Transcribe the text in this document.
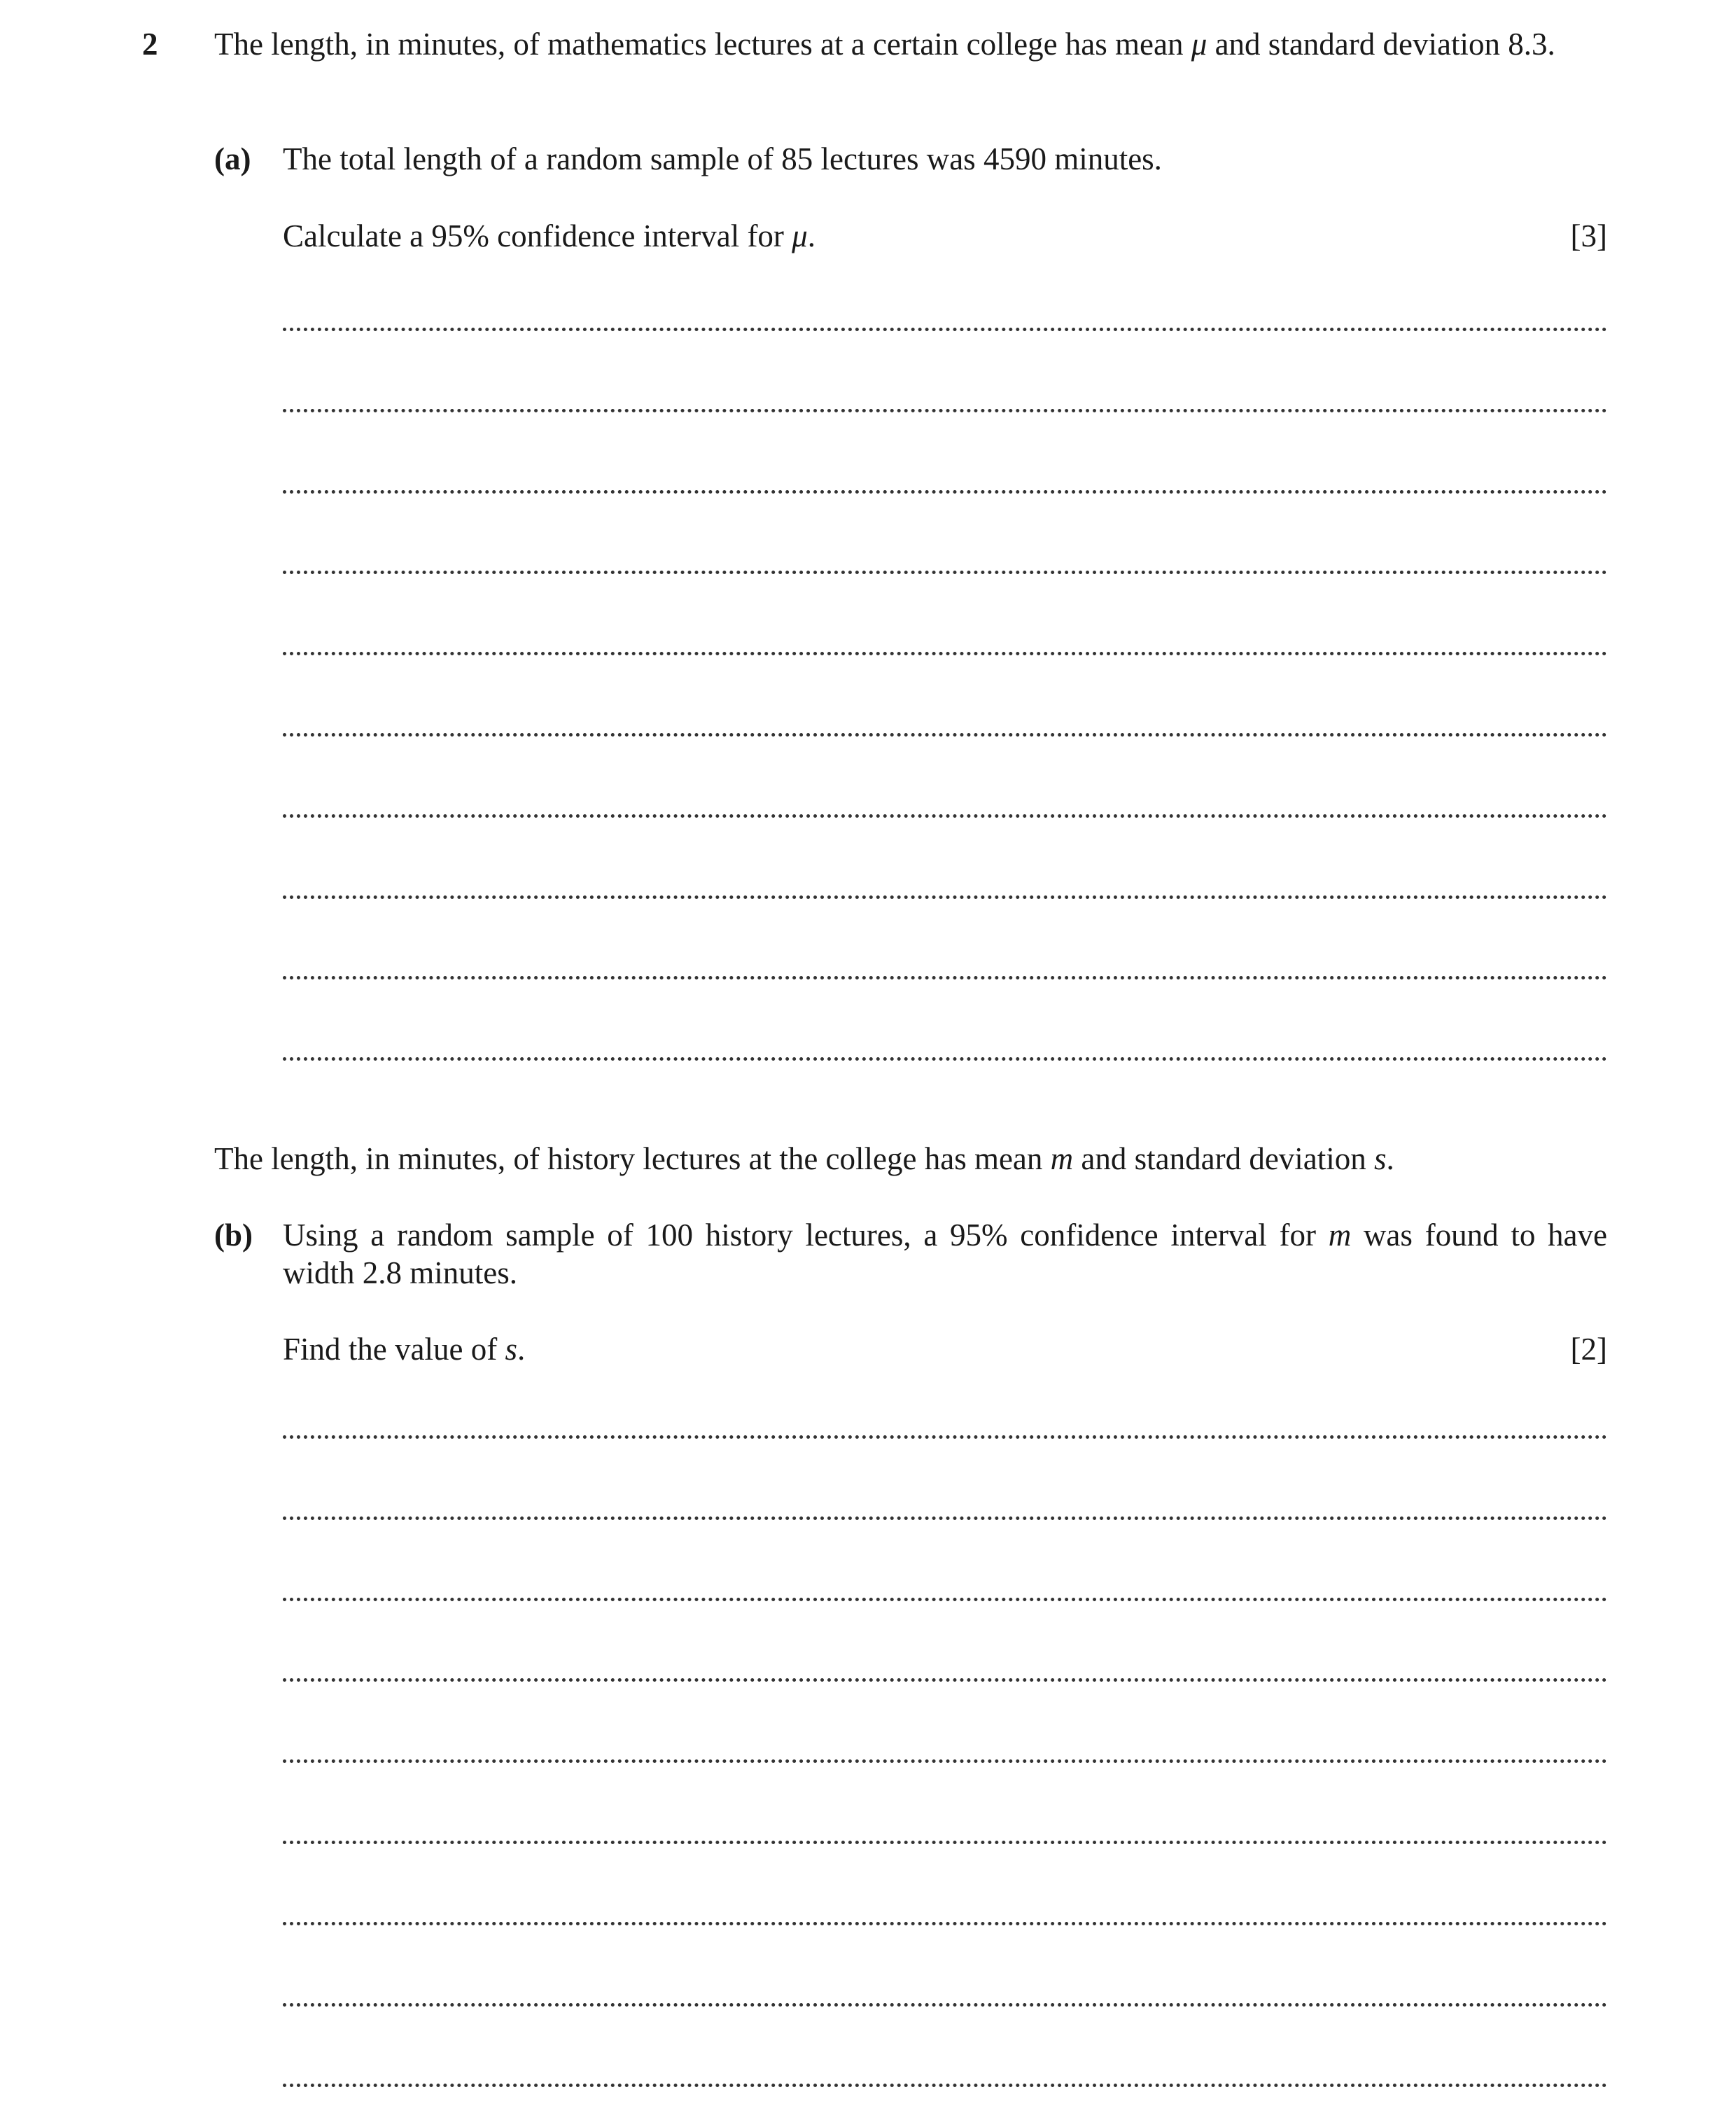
2 The length, in minutes, of mathematics lectures at a certain college has mean μ and standard deviation 8.3.
(a) The total length of a random sample of 85 lectures was 4590 minutes.
Calculate a 95% confidence interval for μ.	[3]
The length, in minutes, of history lectures at the college has mean m and standard deviation s.
(b) Using a random sample of 100 history lectures, a 95% confidence interval for m was found to have width 2.8 minutes.
Find the value of s.	[2]
